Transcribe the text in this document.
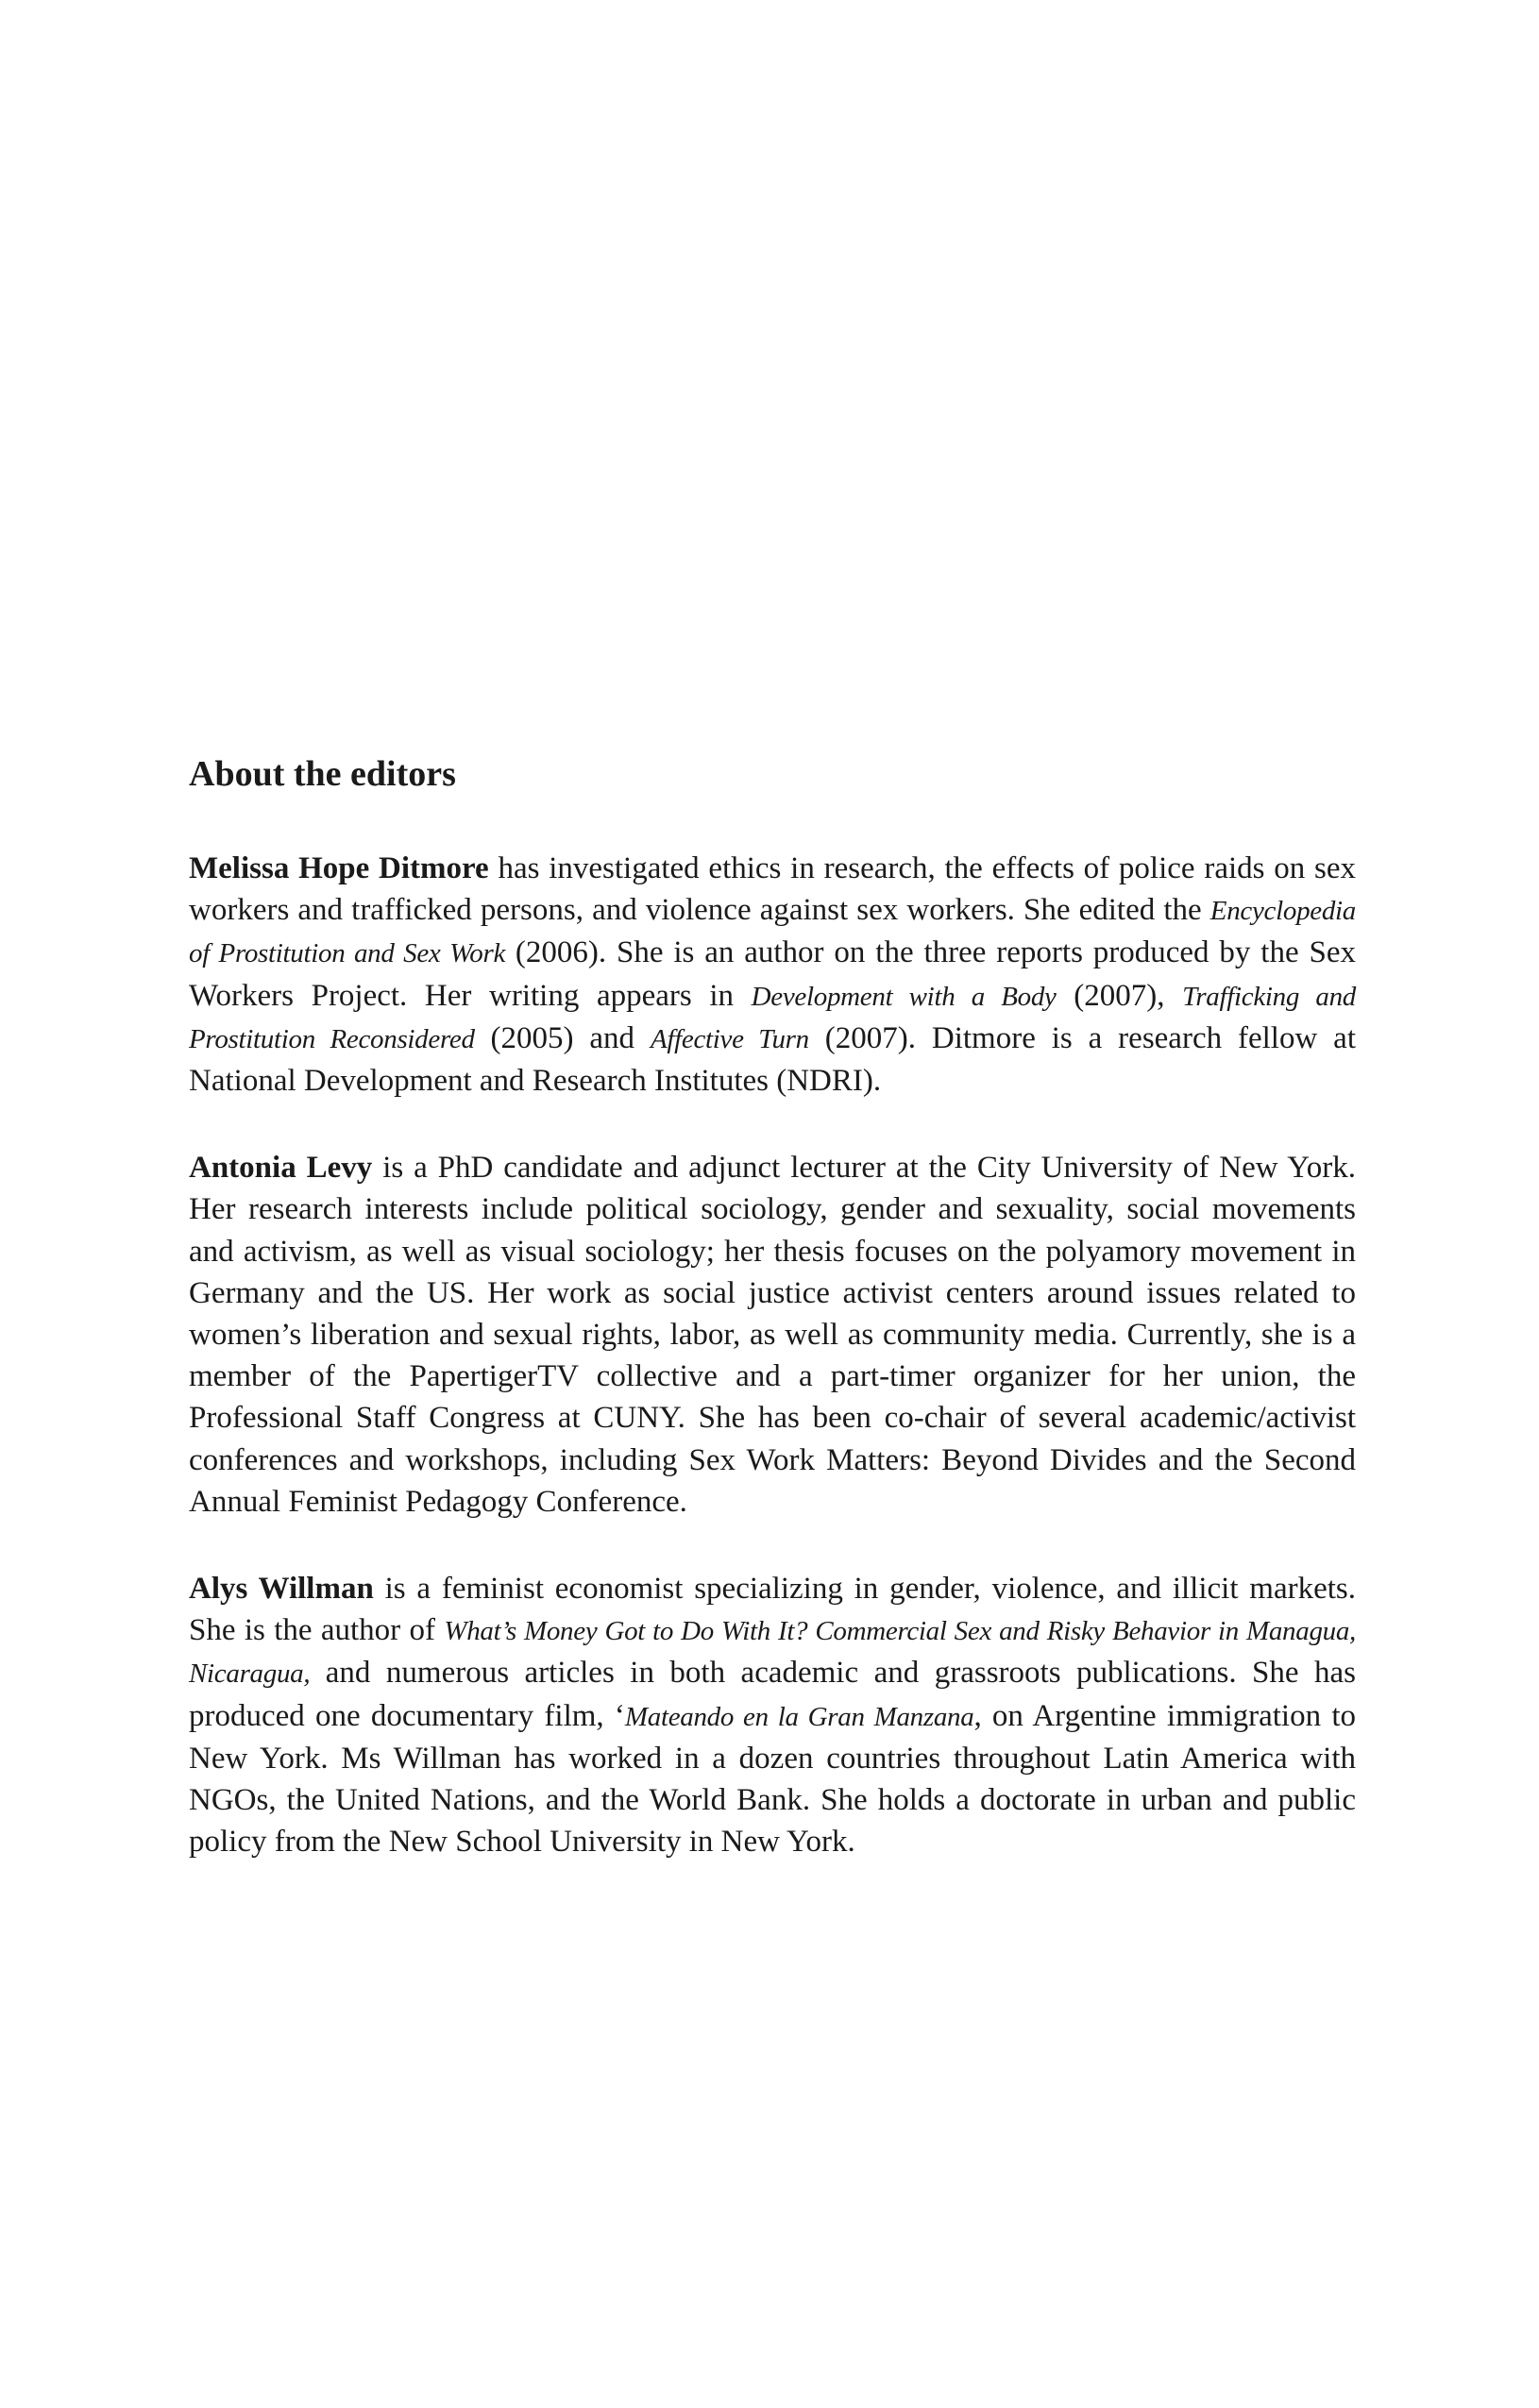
About the editors

Melissa Hope Ditmore has investigated ethics in research, the effects of police raids on sex workers and trafficked persons, and violence against sex workers. She edited the Encyclopedia of Prostitution and Sex Work (2006). She is an author on the three reports produced by the Sex Workers Project. Her writing appears in Development with a Body (2007), Trafficking and Prostitution Reconsidered (2005) and Affective Turn (2007). Ditmore is a research fellow at National Development and Research Institutes (NDRI).

Antonia Levy is a PhD candidate and adjunct lecturer at the City University of New York. Her research interests include political sociology, gender and sexuality, social movements and activism, as well as visual sociology; her thesis focuses on the polyamory movement in Germany and the US. Her work as social justice activist centers around issues related to women’s liberation and sexual rights, labor, as well as community media. Currently, she is a member of the PapertigerTV collective and a part-timer organizer for her union, the Professional Staff Congress at CUNY. She has been co-chair of several academic/activist conferences and workshops, including Sex Work Matters: Beyond Divides and the Second Annual Feminist Pedagogy Conference.

Alys Willman is a feminist economist specializing in gender, violence, and illicit markets. She is the author of What’s Money Got to Do With It? Commercial Sex and Risky Behavior in Managua, Nicaragua, and numerous articles in both academic and grassroots publications. She has produced one documentary film, ‘Mateando en la Gran Manzana, on Argentine immigration to New York. Ms Willman has worked in a dozen countries throughout Latin America with NGOs, the United Nations, and the World Bank. She holds a doctorate in urban and public policy from the New School University in New York.
